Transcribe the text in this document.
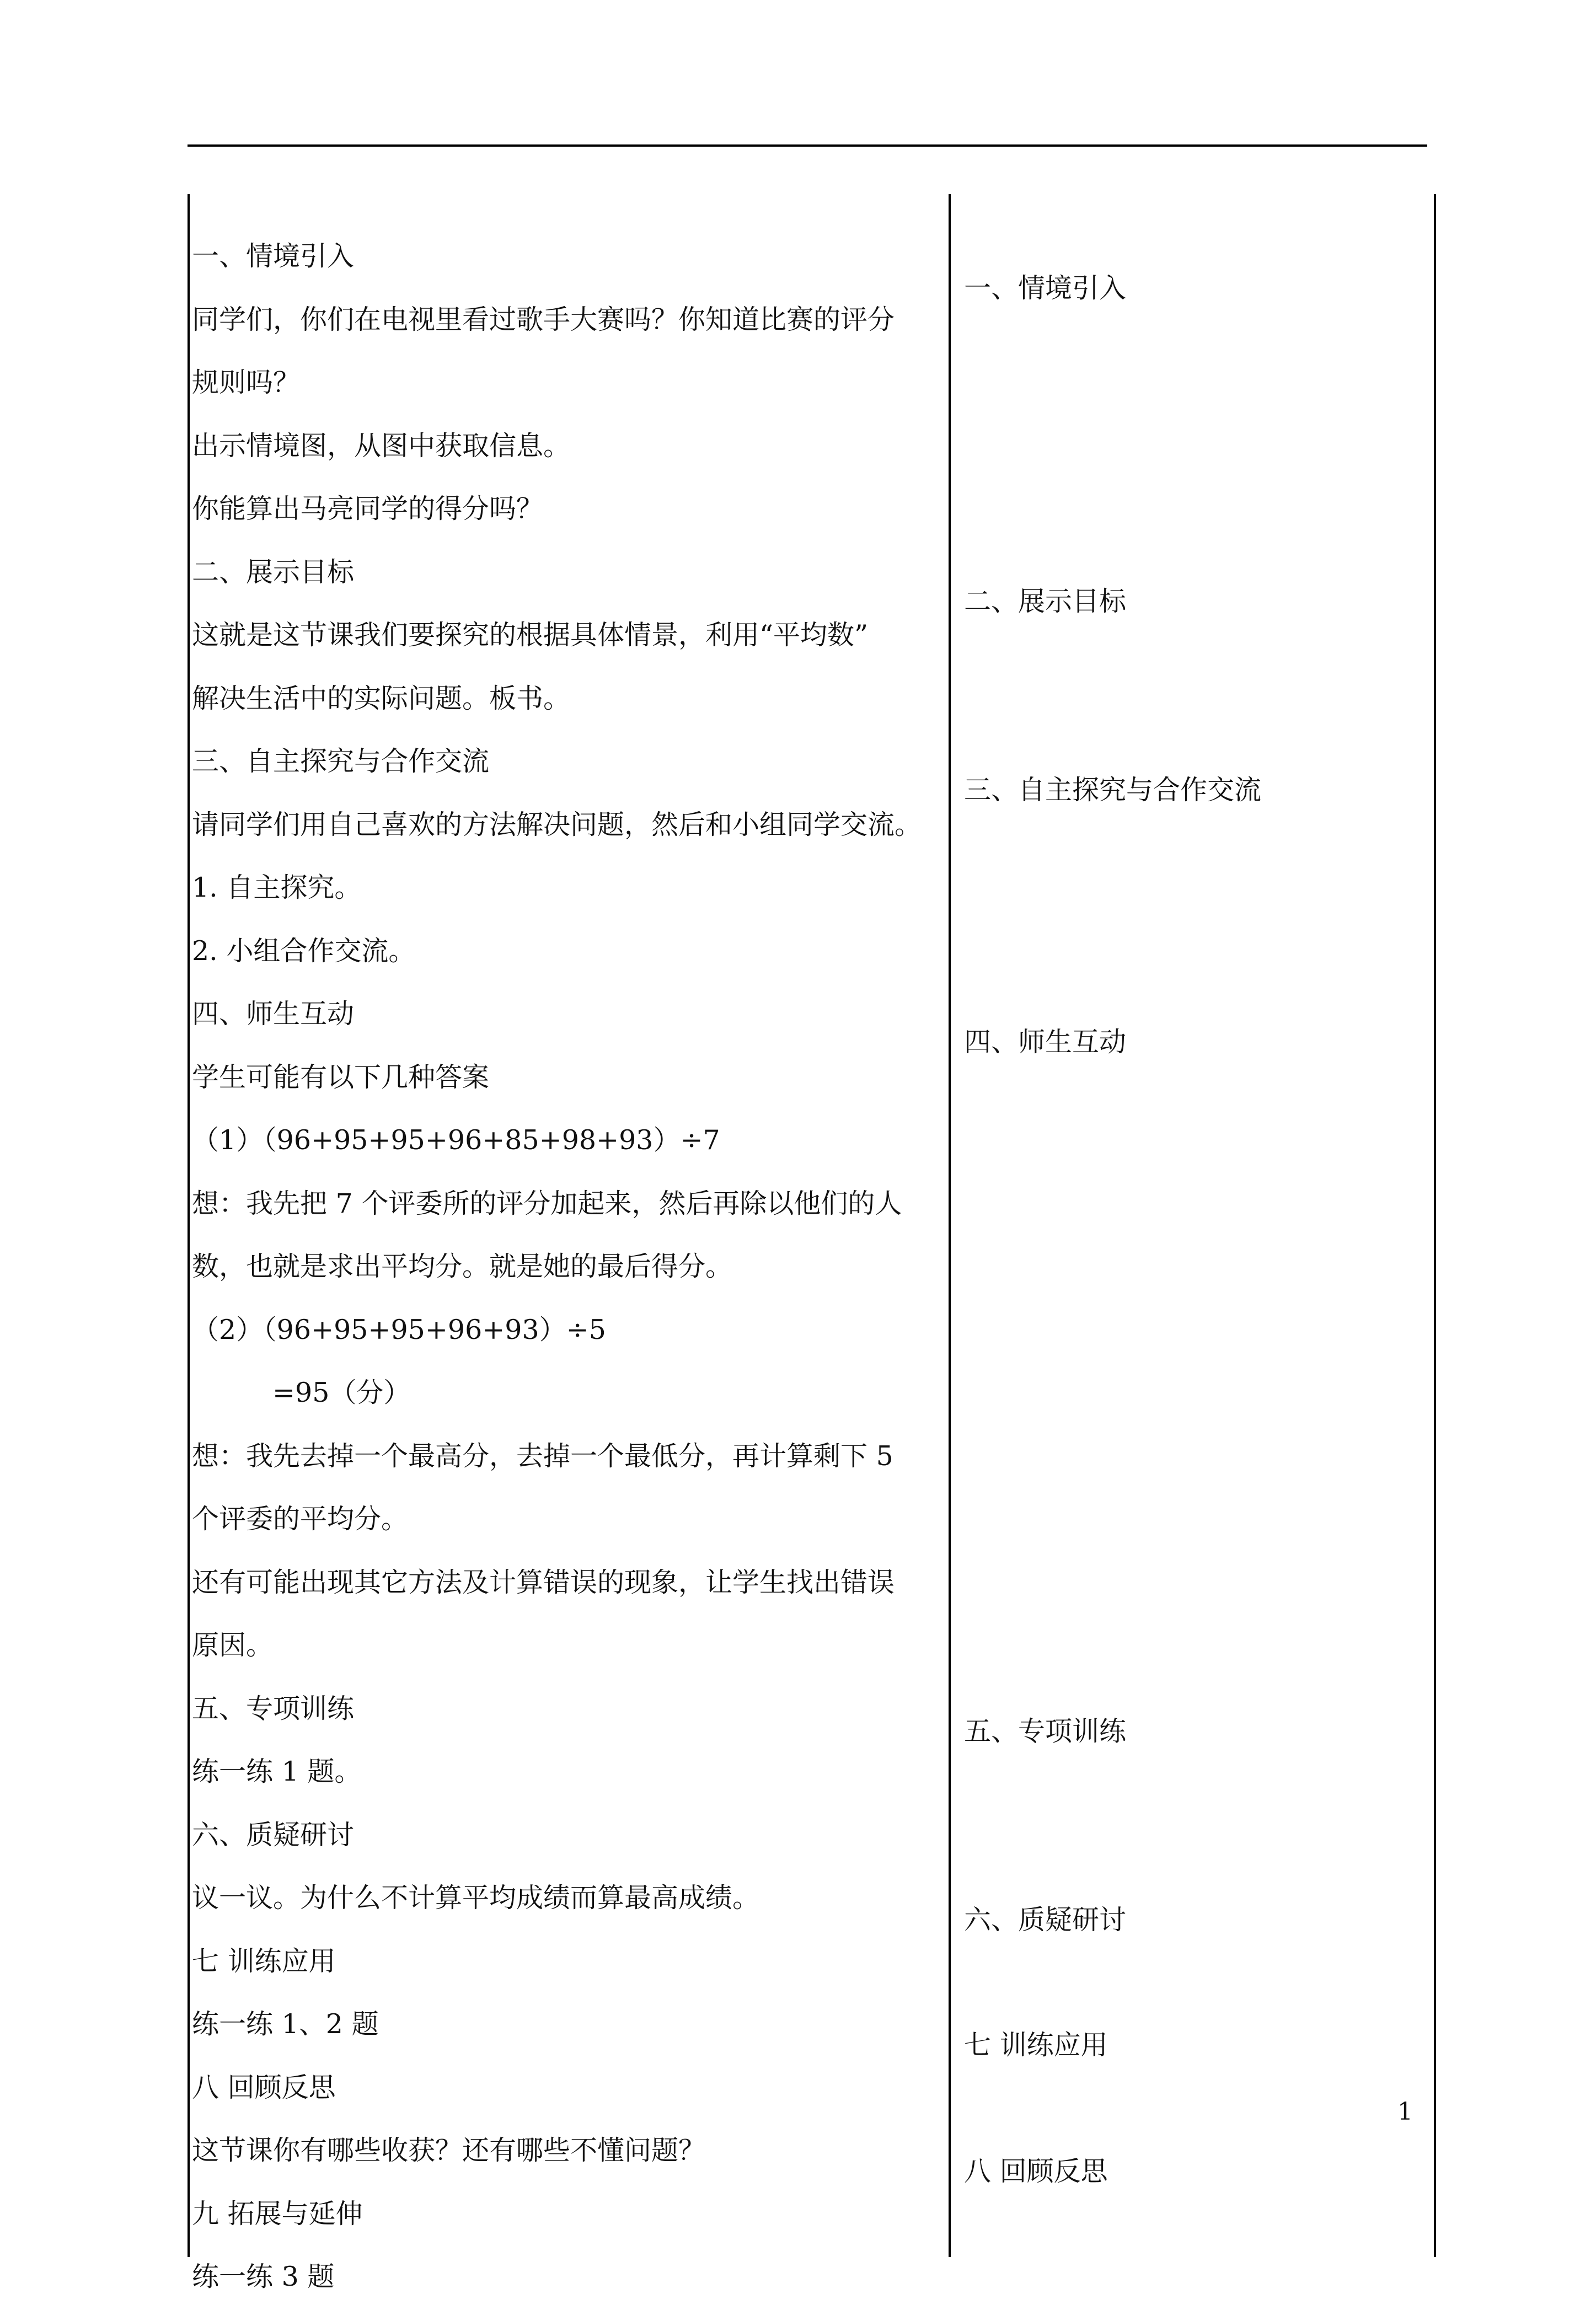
一、情境引入
同学们，你们在电视里看过歌手大赛吗？你知道比赛的评分
规则吗？
出示情境图，从图中获取信息。
你能算出马亮同学的得分吗？
二、展示目标
这就是这节课我们要探究的根据具体情景，利用“平均数”
解决生活中的实际问题。板书。
三、自主探究与合作交流
请同学们用自己喜欢的方法解决问题，然后和小组同学交流。
1. 自主探究。
2. 小组合作交流。
四、师生互动
学生可能有以下几种答案
（1）（96+95+95+96+85+98+93）÷7
想：我先把 7 个评委所的评分加起来，然后再除以他们的人
数，也就是求出平均分。就是她的最后得分。
（2）（96+95+95+96+93）÷5
=95（分）
想：我先去掉一个最高分，去掉一个最低分，再计算剩下 5
个评委的平均分。
还有可能出现其它方法及计算错误的现象，让学生找出错误
原因。
五、专项训练
练一练 1 题。
六、质疑研讨
议一议。为什么不计算平均成绩而算最高成绩。
七 训练应用
练一练 1、2 题
八 回顾反思
这节课你有哪些收获？还有哪些不懂问题？
九 拓展与延伸
练一练 3 题
一、情境引入
二、展示目标
三、自主探究与合作交流
四、师生互动
五、专项训练
六、质疑研讨
七 训练应用
八 回顾反思
1
